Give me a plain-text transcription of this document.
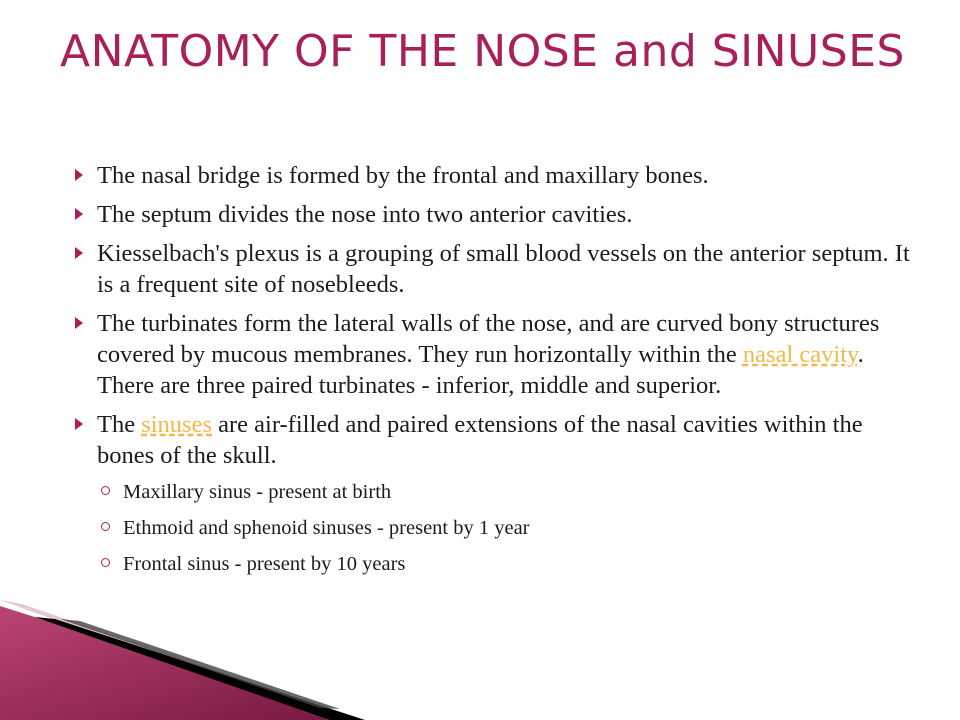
ANATOMY OF THE NOSE and SINUSES
The nasal bridge is formed by the frontal and maxillary bones.
The septum divides the nose into two anterior cavities.
Kiesselbach's plexus is a grouping of small blood vessels on the anterior septum. It is a frequent site of nosebleeds.
The turbinates form the lateral walls of the nose, and are curved bony structures covered by mucous membranes. They run horizontally within the nasal cavity. There are three paired turbinates - inferior, middle and superior.
The sinuses are air-filled and paired extensions of the nasal cavities within the bones of the skull.
Maxillary sinus - present at birth
Ethmoid and sphenoid sinuses - present by 1 year
Frontal sinus - present by 10 years
